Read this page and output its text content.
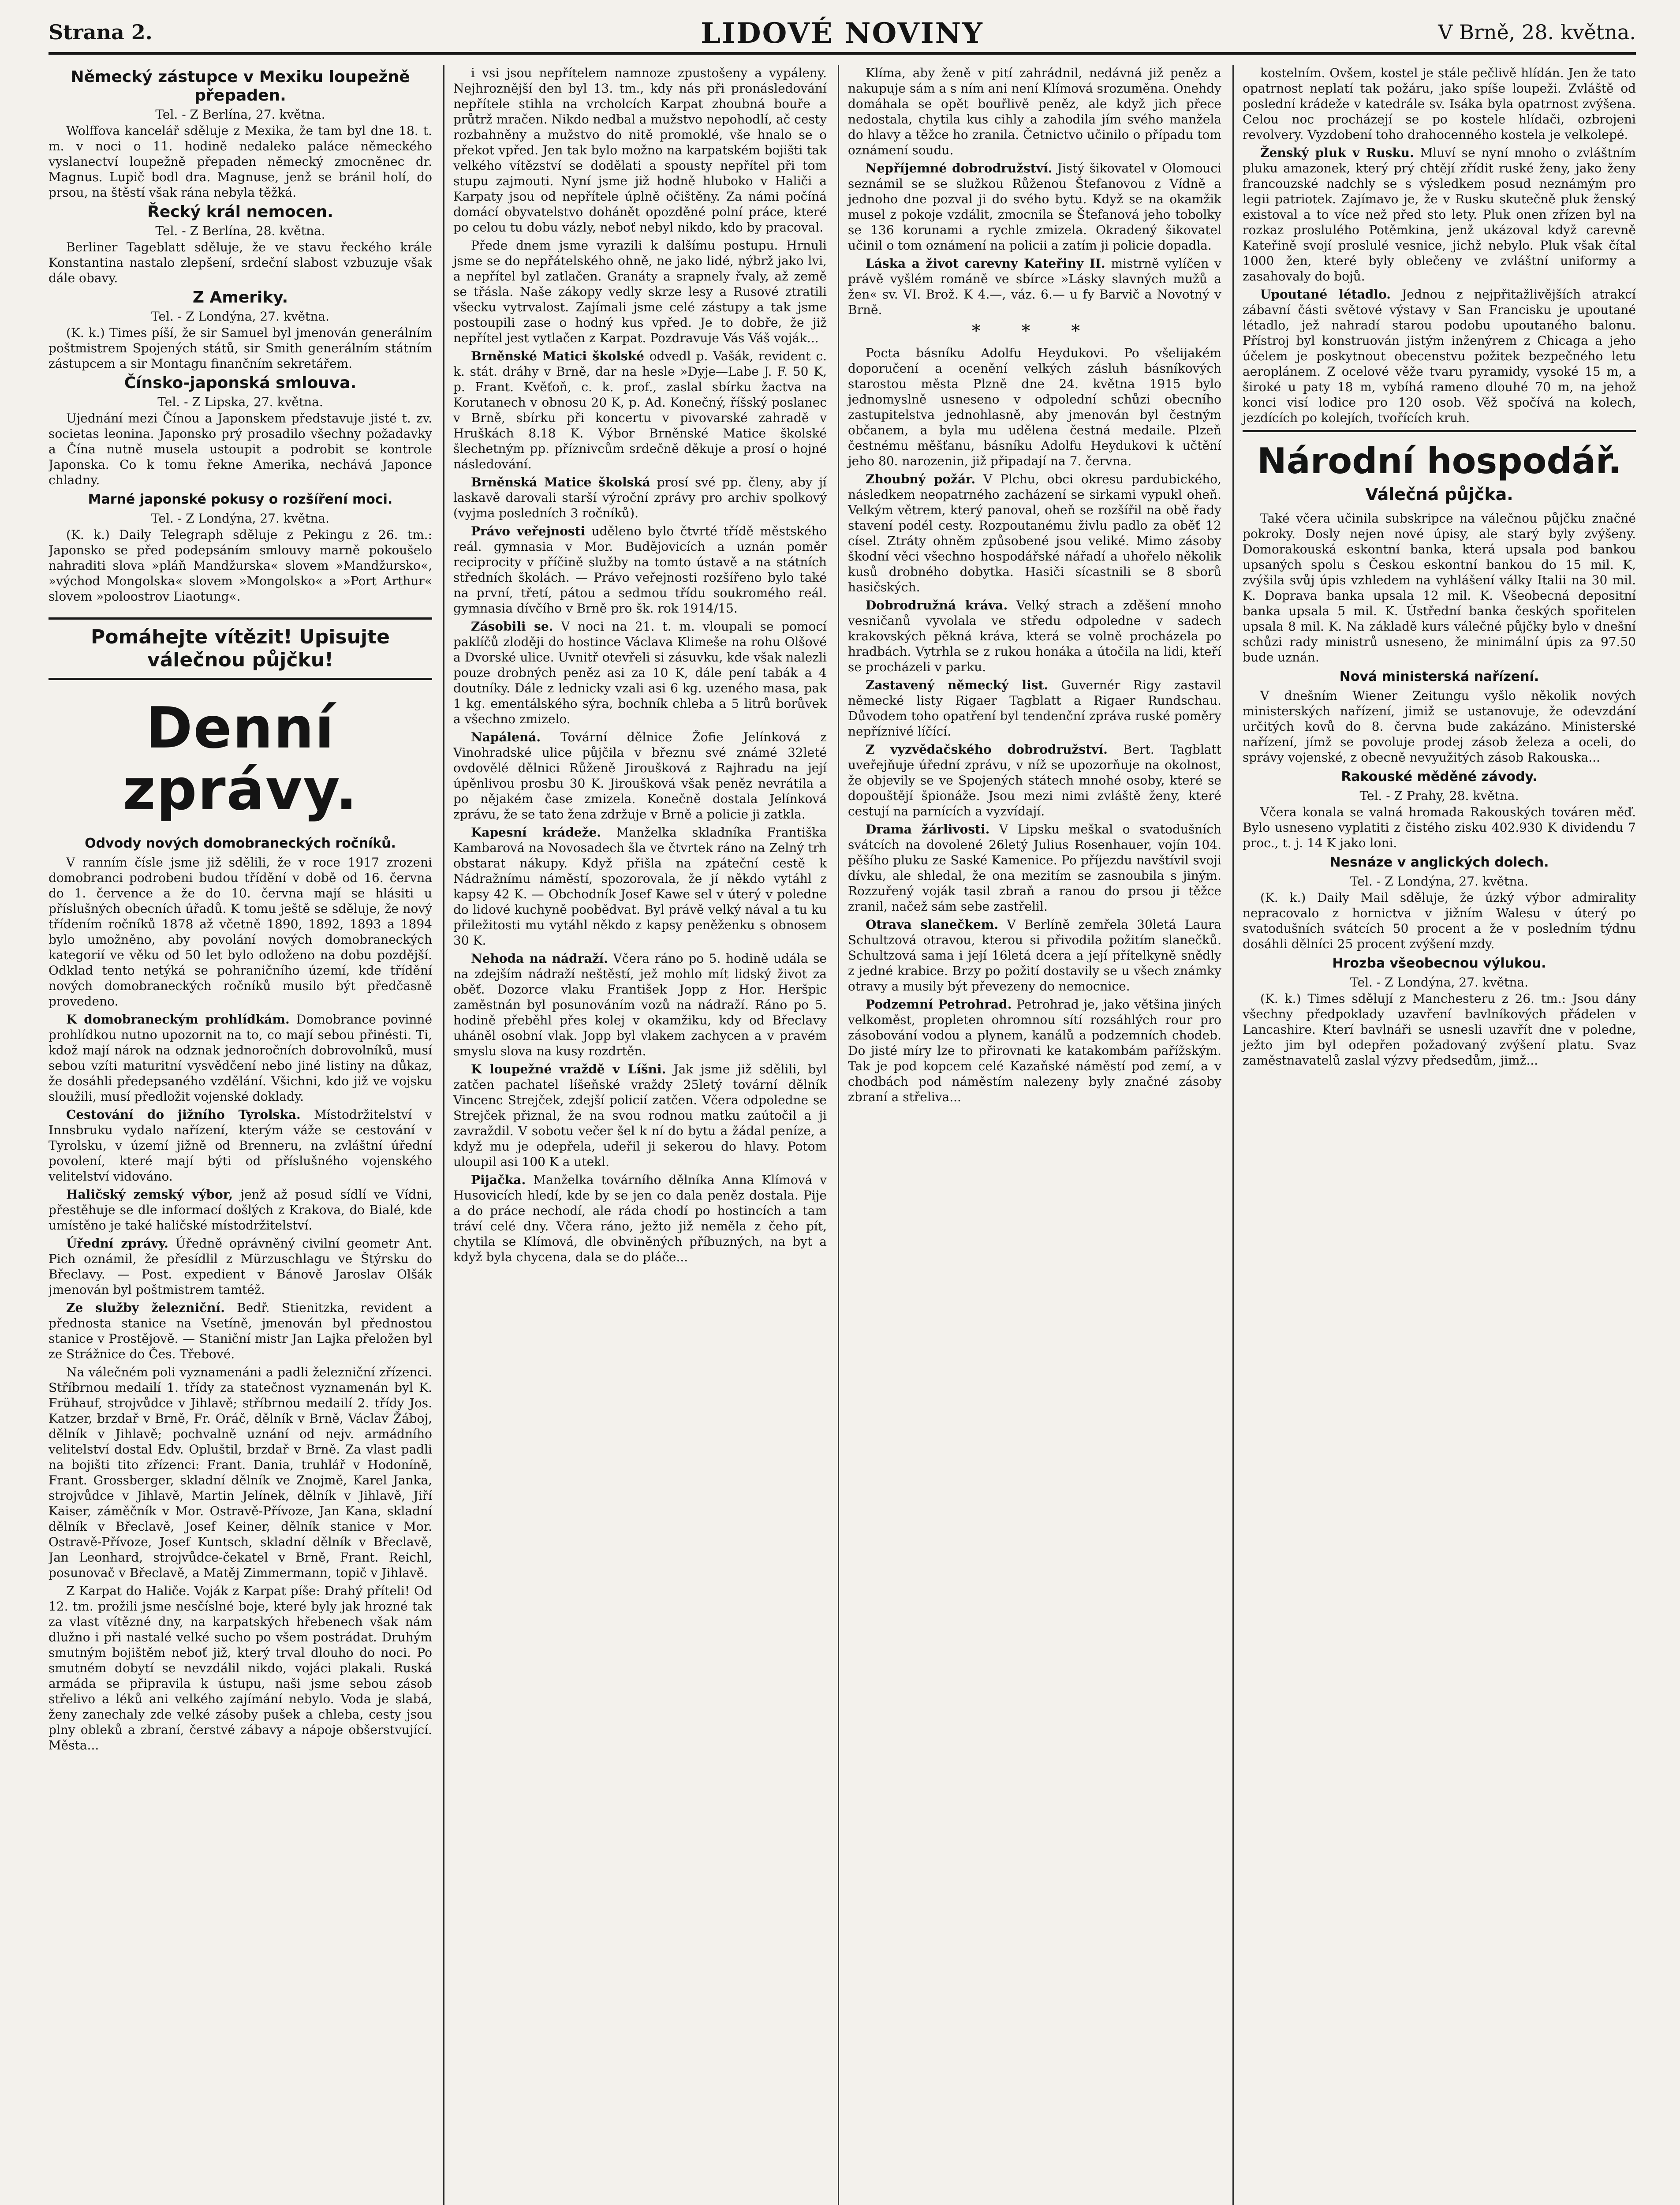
Strana 2.	LIDOVÉ NOVINY	V Brně, 28. května.
Německý zástupce v Mexiku loupežně přepaden.
Tel. - Z Berlína, 27. května.

Wolffova kancelář sděluje z Mexika, že tam byl dne 18. t. m. v noci o 11. hodině nedaleko paláce německého vyslanectví loupežně přepaden německý zmocněnec dr. Magnus. Lupič bodl dra. Magnuse, jenž se bránil holí, do prsou, na štěstí však rána nebyla těžká.

Řecký král nemocen.
Tel. - Z Berlína, 28. května.

Berliner Tageblatt sděluje, že ve stavu řeckého krále Konstantina nastalo zlepšení, srdeční slabost vzbuzuje však dále obavy.

Z Ameriky.
Tel. - Z Londýna, 27. května.

(K. k.) Times píší, že sir Samuel byl jmenován generálním poštmistrem Spojených států, sir Smith generálním státním zástupcem a sir Montagu finančním sekretářem.

Čínsko-japonská smlouva.
Tel. - Z Lipska, 27. května.

Ujednání mezi Čínou a Japonskem představuje jisté t. zv. societas leonina. Japonsko prý prosadilo všechny požadavky a Čína nutně musela ustoupit a podrobit se kontrole Japonska. Co k tomu řekne Amerika, nechává Japonce chladny.

Marné japonské pokusy o rozšíření moci.
Tel. - Z Londýna, 27. května.

(K. k.) Daily Telegraph sděluje z Pekingu z 26. tm.: Japonsko se před podepsáním smlouvy marně pokoušelo nahraditi slova »pláň Mandžurska« slovem »Mandžursko«, »východ Mongolska« slovem »Mongolsko« a »Port Arthur« slovem »poloostrov Liaotung«.

Pomáhejte vítězit! Upisujte válečnou půjčku!
Denní zprávy.
Odvody nových domobraneckých ročníků.

V ranním čísle jsme již sdělili, že v roce 1917 zrozeni domobranci podrobeni budou třídění v době od 16. června do 1. července a že do 10. června mají se hlásiti u příslušných obecních úřadů. K tomu ještě se sděluje, že nový třídením ročníků 1878 až včetně 1890, 1892, 1893 a 1894 bylo umožněno, aby povolání nových domobraneckých kategorií ve věku od 50 let bylo odloženo na dobu pozdější. Odklad tento netýká se pohraničního území, kde třídění nových domobraneckých ročníků musilo být předčasně provedeno.

K domobraneckým prohlídkám. Domobrance povinné prohlídkou nutno upozornit na to, co mají sebou přinésti. Ti, kdož mají nárok na odznak jednoročních dobrovolníků, musí sebou vzíti maturitní vysvědčení nebo jiné listiny na důkaz, že dosáhli předepsaného vzdělání. Všichni, kdo již ve vojsku sloužili, musí předložit vojenské doklady.

Cestování do jižního Tyrolska. Místodržitelství v Innsbruku vydalo nařízení, kterým váže se cestování v Tyrolsku, v území jižně od Brenneru, na zvláštní úřední povolení, které mají býti od příslušného vojenského velitelství vidováno.

Haličský zemský výbor, jenž až posud sídlí ve Vídni, přestěhuje se dle informací došlých z Krakova, do Bialé, kde umístěno je také haličské místodržitelství.

Úřední zprávy. Úředně oprávněný civilní geometr Ant. Pich oznámil, že přesídlil z Mürzuschlagu ve Štýrsku do Břeclavy. — Post. expedient v Bánově Jaroslav Olšák jmenován byl poštmistrem tamtéž.

Ze služby železniční. Bedř. Stienitzka, revident a přednosta stanice na Vsetíně, jmenován byl přednostou stanice v Prostějově. — Staniční mistr Jan Lajka přeložen byl ze Strážnice do Čes. Třebové.

Na válečném poli vyznamenáni a padli železniční zřízenci. Stříbrnou medailí 1. třídy za statečnost vyznamenán byl K. Frühauf, strojvůdce v Jihlavě; stříbrnou medailí 2. třídy Jos. Katzer, brzdař v Brně, Fr. Oráč, dělník v Brně, Václav Žáboj, dělník v Jihlavě; pochvalně uznání od nejv. armádního velitelství dostal Edv. Opluštil, brzdař v Brně. Za vlast padli na bojišti tito zřízenci: Frant. Dania, truhlář v Hodoníně, Frant. Grossberger, skladní dělník ve Znojmě, Karel Janka, strojvůdce v Jihlavě, Martin Jelínek, dělník v Jihlavě, Jiří Kaiser, záměčník v Mor. Ostravě-Přívoze, Jan Kana, skladní dělník v Břeclavě, Josef Keiner, dělník stanice v Mor. Ostravě-Přívoze, Josef Kuntsch, skladní dělník v Břeclavě, Jan Leonhard, strojvůdce-čekatel v Brně, Frant. Reichl, posunovač v Břeclavě, a Matěj Zimmermann, topič v Jihlavě.

Z Karpat do Haliče. Voják z Karpat píše: Drahý příteli! Od 12. tm. prožili jsme nesčíslné boje, které byly jak hrozné tak za vlast vítězné dny, na karpatských hřebenech však nám dlužno i při nastalé velké sucho po všem postrádat. Druhým smutným bojištěm neboť již, který trval dlouho do noci. Po smutném dobytí se nevzdálil nikdo, vojáci plakali. Ruská armáda se připravila k ústupu, naši jsme sebou zásob střelivo a léků ani velkého zajímání nebylo. Voda je slabá, ženy zanechaly zde velké zásoby pušek a chleba, cesty jsou plny obleků a zbraní, čerstvé zábavy a nápoje obšerstvující. Města...

i vsi jsou nepřítelem namnoze zpustošeny a vypáleny. Nejhroznější den byl 13. tm., kdy nás při pronásledování nepřítele stihla na vrcholcích Karpat zhoubná bouře a průtrž mračen. Nikdo nedbal a mužstvo nepohodlí, ač cesty rozbahněny a mužstvo do nitě promoklé, vše hnalo se o překot vpřed. Jen tak bylo možno na karpatském bojišti tak velkého vítězství se dodělati a spousty nepřítel při tom stupu zajmouti. Nyní jsme již hodně hluboko v Haliči a Karpaty jsou od nepřítele úplně očištěny. Za námi počíná domácí obyvatelstvo dohánět opozděné polní práce, které po celou tu dobu vázly, neboť nebyl nikdo, kdo by pracoval.

Přede dnem jsme vyrazili k dalšímu postupu. Hrnuli jsme se do nepřátelského ohně, ne jako lidé, nýbrž jako lvi, a nepřítel byl zatlačen. Granáty a srapnely řvaly, až země se třásla. Naše zákopy vedly skrze lesy a Rusové ztratili všecku vytrvalost. Zajímali jsme celé zástupy a tak jsme postoupili zase o hodný kus vpřed. Je to dobře, že již nepřítel jest vytlačen z Karpat. Pozdravuje Vás Váš voják...

Brněnské Matici školské odvedl p. Vašák, revident c. k. stát. dráhy v Brně, dar na hesle »Dyje—Labe J. F. 50 K, p. Frant. Kvěťoň, c. k. prof., zaslal sbírku žactva na Korutanech v obnosu 20 K, p. Ad. Konečný, říšský poslanec v Brně, sbírku při koncertu v pivovarské zahradě v Hruškách 8.18 K. Výbor Brněnské Matice školské šlechetným pp. příznivcům srdečně děkuje a prosí o hojné následování.

Brněnská Matice školská prosí své pp. členy, aby jí laskavě darovali starší výroční zprávy pro archiv spolkový (vyjma posledních 3 ročníků).

Právo veřejnosti uděleno bylo čtvrté třídě městského reál. gymnasia v Mor. Budějovicích a uznán poměr reciprocity v příčině služby na tomto ústavě a na státních středních školách. — Právo veřejnosti rozšířeno bylo také na první, třetí, pátou a sedmou třídu soukromého reál. gymnasia dívčího v Brně pro šk. rok 1914/15.

Zásobili se. V noci na 21. t. m. vloupali se pomocí paklíčů zloději do hostince Václava Klimeše na rohu Olšové a Dvorské ulice. Uvnitř otevřeli si zásuvku, kde však nalezli pouze drobných peněz asi za 10 K, dále pení tabák a 4 doutníky. Dále z lednicky vzali asi 6 kg. uzeného masa, pak 1 kg. ementálského sýra, bochník chleba a 5 litrů borůvek a všechno zmizelo.

Napálená. Tovární dělnice Žofie Jelínková z Vinohradské ulice půjčila v březnu své známé 32leté ovdovělé dělnici Růženě Jiroušková z Rajhradu na její úpěnlivou prosbu 30 K. Jiroušková však peněz nevrátila a po nějakém čase zmizela. Konečně dostala Jelínková zprávu, že se tato žena zdržuje v Brně a policie ji zatkla.

Kapesní krádeže. Manželka skladníka Františka Kambarová na Novosadech šla ve čtvrtek ráno na Zelný trh obstarat nákupy. Když přišla na zpáteční cestě k Nádražnímu náměstí, spozorovala, že jí někdo vytáhl z kapsy 42 K. — Obchodník Josef Kawe sel v úterý v poledne do lidové kuchyně poobědvat. Byl právě velký nával a tu ku přiležitosti mu vytáhl někdo z kapsy peněženku s obnosem 30 K.

Nehoda na nádraží. Včera ráno po 5. hodině udála se na zdejším nádraží neštěstí, jež mohlo mít lidský život za oběť. Dozorce vlaku František Jopp z Hor. Heršpic zaměstnán byl posunováním vozů na nádraží. Ráno po 5. hodině přeběhl přes kolej v okamžiku, kdy od Břeclavy uháněl osobní vlak. Jopp byl vlakem zachycen a v pravém smyslu slova na kusy rozdrtěn.

K loupežné vraždě v Líšni. Jak jsme již sdělili, byl zatčen pachatel líšeňské vraždy 25letý tovární dělník Vincenc Strejček, zdejší policií zatčen. Včera odpoledne se Strejček přiznal, že na svou rodnou matku zaútočil a ji zavraždil. V sobotu večer šel k ní do bytu a žádal peníze, a když mu je odepřela, udeřil ji sekerou do hlavy. Potom uloupil asi 100 K a utekl.

Pijačka. Manželka továrního dělníka Anna Klímová v Husovicích hledí, kde by se jen co dala peněz dostala. Pije a do práce nechodí, ale ráda chodí po hostincích a tam tráví celé dny. Včera ráno, ježto již neměla z čeho pít, chytila se Klímová, dle obviněných příbuzných, na byt a když byla chycena, dala se do pláče...

Klíma, aby ženě v pití zahrádnil, nedávná již peněz a nakupuje sám a s ním ani není Klímová srozuměna. Onehdy domáhala se opět bouřlivě peněz, ale když jich přece nedostala, chytila kus cihly a zahodila jím svého manžela do hlavy a těžce ho zranila. Četnictvo učinilo o případu tom oznámení soudu.

Nepříjemné dobrodružství. Jistý šikovatel v Olomouci seznámil se se služkou Růženou Štefanovou z Vídně a jednoho dne pozval ji do svého bytu. Když se na okamžik musel z pokoje vzdálit, zmocnila se Štefanová jeho tobolky se 136 korunami a rychle zmizela. Okradený šikovatel učinil o tom oznámení na policii a zatím ji policie dopadla.

Láska a život carevny Kateřiny II. mistrně vylíčen v právě vyšlém románě ve sbírce »Lásky slavných mužů a žen« sv. VI. Brož. K 4.—, váz. 6.— u fy Barvič a Novotný v Brně.

* * *

Pocta básníku Adolfu Heydukovi. Po všelijakém doporučení a ocenění velkých zásluh básníkových starostou města Plzně dne 24. května 1915 bylo jednomyslně usneseno v odpolední schůzi obecního zastupitelstva jednohlasně, aby jmenován byl čestným občanem, a byla mu udělena čestná medaile. Plzeň čestnému měšťanu, básníku Adolfu Heydukovi k učtění jeho 80. narozenin, již připadají na 7. června.

Zhoubný požár. V Plchu, obci okresu pardubického, následkem neopatrného zacházení se sirkami vypukl oheň. Velkým větrem, který panoval, oheň se rozšířil na obě řady stavení podél cesty. Rozpoutanému živlu padlo za oběť 12 císel. Ztráty ohněm způsobené jsou veliké. Mimo zásoby škodní věci všechno hospodářské nářadí a uhořelo několik kusů drobného dobytka. Hasiči sícastnili se 8 sborů hasičských.

Dobrodružná kráva. Velký strach a zděšení mnoho vesničanů vyvolala ve středu odpoledne v sadech krakovských pěkná kráva, která se volně procházela po hradbách. Vytrhla se z rukou honáka a útočila na lidi, kteří se procházeli v parku.

Zastavený německý list. Guvernér Rigy zastavil německé listy Rigaer Tagblatt a Rigaer Rundschau. Důvodem toho opatření byl tendenční zpráva ruské poměry nepříznivé líčící.

Z vyzvědačského dobrodružství. Bert. Tagblatt uveřejňuje úřední zprávu, v níž se upozorňuje na okolnost, že objevily se ve Spojených státech mnohé osoby, které se dopouštějí špionáže. Jsou mezi nimi zvláště ženy, které cestují na parnících a vyzvídají.

Drama žárlivosti. V Lipsku meškal o svatodušních svátcích na dovolené 26letý Julius Rosenhauer, vojín 104. pěšího pluku ze Saské Kamenice. Po příjezdu navštívil svoji dívku, ale shledal, že ona mezitím se zasnoubila s jiným. Rozzuřený voják tasil zbraň a ranou do prsou ji těžce zranil, načež sám sebe zastřelil.

Otrava slanečkem. V Berlíně zemřela 30letá Laura Schultzová otravou, kterou si přivodila požitím slanečků. Schultzová sama i její 16letá dcera a její přítelkyně snědly z jedné krabice. Brzy po požití dostavily se u všech známky otravy a musily být převezeny do nemocnice.

Podzemní Petrohrad. Petrohrad je, jako většina jiných velkoměst, propleten ohromnou sítí rozsáhlých rour pro zásobování vodou a plynem, kanálů a podzemních chodeb. Do jisté míry lze to přirovnati ke katakombám pařížským. Tak je pod kopcem celé Kazaňské náměstí pod zemí, a v chodbách pod náměstím nalezeny byly značné zásoby zbraní a střeliva...

kostelním. Ovšem, kostel je stále pečlivě hlídán. Jen že tato opatrnost neplatí tak požáru, jako spíše loupeži. Zvláště od poslední krádeže v katedrále sv. Isáka byla opatrnost zvýšena. Celou noc procházejí se po kostele hlídači, ozbrojeni revolvery. Vyzdobení toho drahocenného kostela je velkolepé.

Ženský pluk v Rusku. Mluví se nyní mnoho o zvláštním pluku amazonek, který prý chtějí zřídit ruské ženy, jako ženy francouzské nadchly se s výsledkem posud neznámým pro legii patriotek. Zajímavo je, že v Rusku skutečně pluk ženský existoval a to více než před sto lety. Pluk onen zřízen byl na rozkaz proslulého Potěmkina, jenž ukázoval když carevně Kateřině svojí proslulé vesnice, jichž nebylo. Pluk však čítal 1000 žen, které byly oblečeny ve zvláštní uniformy a zasahovaly do bojů.

Upoutané létadlo. Jednou z nejpřitažlivějších atrakcí zábavní části světové výstavy v San Francisku je upoutané létadlo, jež nahradí starou podobu upoutaného balonu. Přístroj byl konstruován jistým inženýrem z Chicaga a jeho účelem je poskytnout obecenstvu požitek bezpečného letu aeroplánem. Z ocelové věže tvaru pyramidy, vysoké 15 m, a široké u paty 18 m, vybíhá ramenο dlouhé 70 m, na jehož konci visí lodice pro 120 osob. Věž spočívá na kolech, jezdících po kolejích, tvořících kruh.

Národní hospodář.
Válečná půjčka.

Také včera učinila subskripce na válečnou půjčku značné pokroky. Dosly nejen nové úpisy, ale starý byly zvýšeny. Domorakouská eskontní banka, která upsala pod bankou upsaných spolu s Českou eskontní bankou do 15 mil. K, zvýšila svůj úpis vzhledem na vyhlášení války Italii na 30 mil. K. Doprava banka upsala 12 mil. K. Všeobecná depositní banka upsala 5 mil. K. Ústřední banka českých spořitelen upsala 8 mil. K. Na základě kurs válečné půjčky bylo v dnešní schůzi rady ministrů usneseno, že minimální úpis za 97.50 bude uznán.

Nová ministerská nařízení.

V dnešním Wiener Zeitungu vyšlo několik nových ministerských nařízení, jimiž se ustanovuje, že odevzdání určitých kovů do 8. června bude zakázáno. Ministerské nařízení, jímž se povoluje prodej zásob železa a oceli, do správy vojenské, z obecně nevyužitých zásob Rakouska...

Rakouské měděné závody.
Tel. - Z Prahy, 28. května.

Včera konala se valná hromada Rakouských továren měď. Bylo usneseno vyplatiti z čistého zisku 402.930 K dividendu 7 proc., t. j. 14 K jako loni.

Nesnáze v anglických dolech.
Tel. - Z Londýna, 27. května.

(K. k.) Daily Mail sděluje, že úzký výbor admirality nepracovalo z hornictva v jižním Walesu v úterý po svatodušních svátcích 50 procent a že v posledním týdnu dosáhli dělníci 25 procent zvýšení mzdy.

Hrozba všeobecnou výlukou.
Tel. - Z Londýna, 27. května.

(K. k.) Times sdělují z Manchesteru z 26. tm.: Jsou dány všechny předpoklady uzavření bavlníkových přádelen v Lancashire. Kterí bavlnáři se usnesli uzavřít dne v poledne, ježto jim byl odepřen požadovaný zvýšení platu. Svaz zaměstnavatelů zaslal výzvy předsedům, jimž...
